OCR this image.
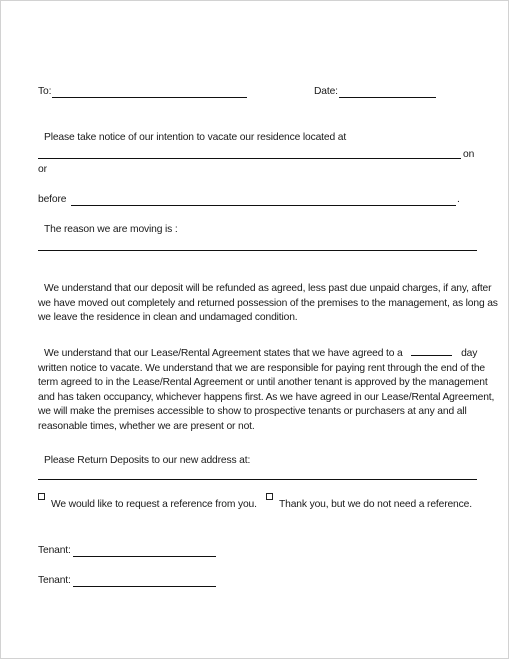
To:	Date:
Please take notice of our intention to vacate our residence located at
on
or
before	.
The reason we are moving is :
We understand that our deposit will be refunded as agreed, less past due unpaid charges, if any, after
we have moved out completely and returned possession of the premises to the management, as long as
we leave the residence in clean and undamaged condition.
We understand that our Lease/Rental Agreement states that we have agreed to a	day
written notice to vacate. We understand that we are responsible for paying rent through the end of the
term agreed to in the Lease/Rental Agreement or until another tenant is approved by the management
and has taken occupancy, whichever happens first. As we have agreed in our Lease/Rental Agreement,
we will make the premises accessible to show to prospective tenants or purchasers at any and all
reasonable times, whether we are present or not.
Please Return Deposits to our new address at:
We would like to request a reference from you. Thank you, but we do not need a reference.
Tenant:
Tenant:
